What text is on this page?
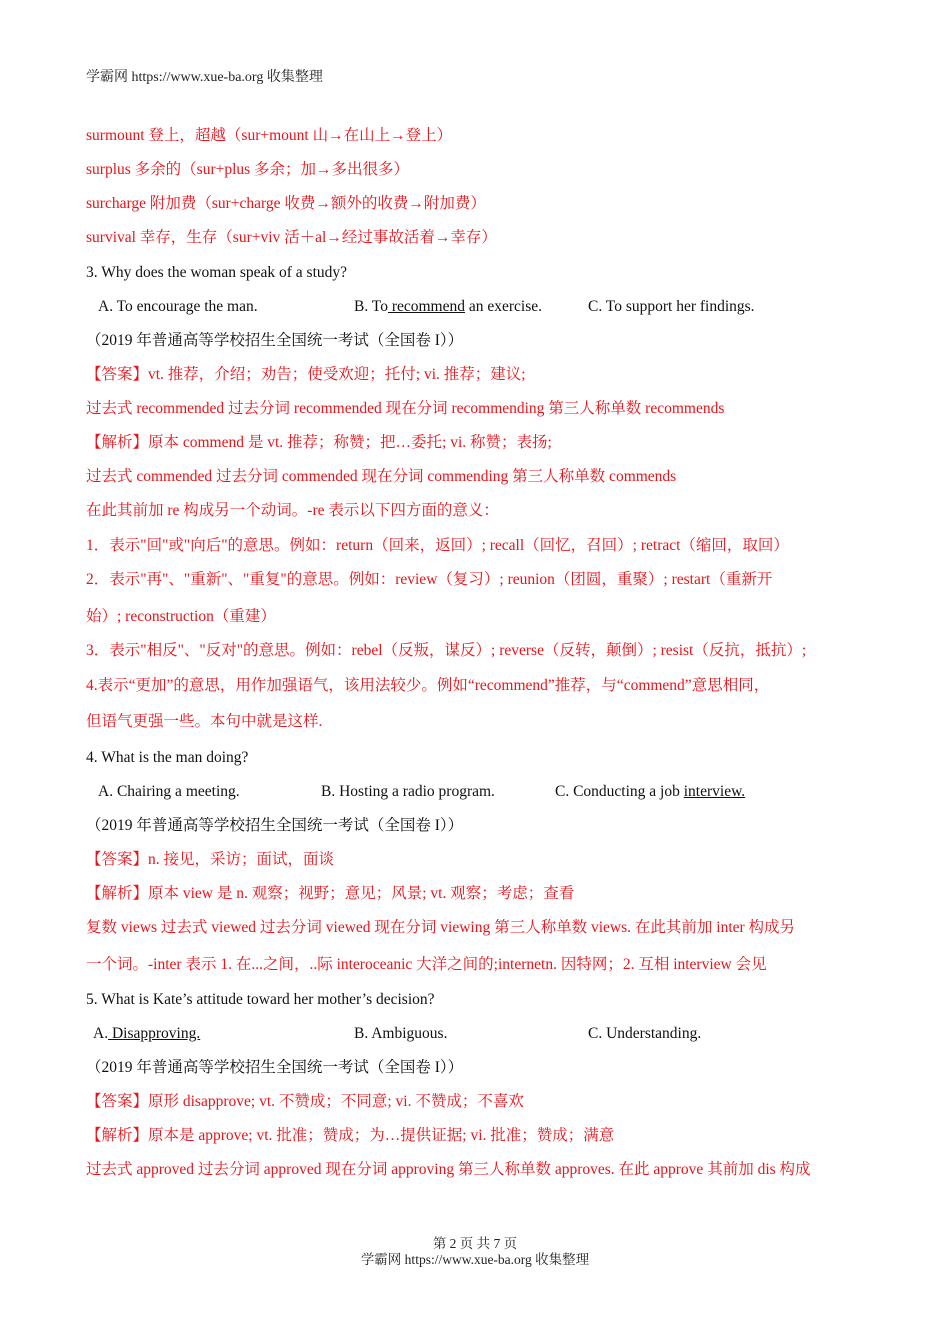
学霸网 https://www.xue-ba.org 收集整理
surmount 登上，超越（sur+mount 山→在山上→登上）
surplus 多余的（sur+plus 多余；加→多出很多）
surcharge 附加费（sur+charge 收费→额外的收费→附加费）
survival 幸存，生存（sur+viv 活＋al→经过事故活着→幸存）
3. Why does the woman speak of a study?
A. To encourage the man.	B. To recommend an exercise.	C. To support her findings.
（2019 年普通高等学校招生全国统一考试（全国卷 I））
【答案】vt. 推荐，介绍；劝告；使受欢迎；托付; vi. 推荐；建议;
过去式 recommended 过去分词 recommended 现在分词 recommending 第三人称单数 recommends
【解析】原本 commend 是 vt. 推荐；称赞；把…委托; vi. 称赞；表扬;
过去式 commended 过去分词 commended 现在分词 commending 第三人称单数 commends
在此其前加 re 构成另一个动词。-re 表示以下四方面的意义：
1．表示"回"或"向后"的意思。例如：return（回来，返回）; recall（回忆，召回）; retract（缩回，取回）
2．表示"再"、"重新"、"重复"的意思。例如：review（复习）; reunion（团圆，重聚）; restart（重新开
始）; reconstruction（重建）
3．表示"相反"、"反对"的意思。例如：rebel（反叛，谋反）; reverse（反转，颠倒）; resist（反抗，抵抗）;
4.表示“更加”的意思，用作加强语气，该用法较少。例如“recommend”推荐，与“commend”意思相同，
但语气更强一些。本句中就是这样.
4. What is the man doing?
A. Chairing a meeting.	B. Hosting a radio program.	C. Conducting a job interview.
（2019 年普通高等学校招生全国统一考试（全国卷 I））
【答案】n. 接见，采访；面试，面谈
【解析】原本 view 是 n. 观察；视野；意见；风景; vt. 观察；考虑；查看
复数 views 过去式 viewed 过去分词 viewed 现在分词 viewing 第三人称单数 views. 在此其前加 inter 构成另
一个词。-inter 表示 1. 在...之间，..际 interoceanic 大洋之间的;internetn. 因特网；2. 互相 interview 会见
5. What is Kate’s attitude toward her mother’s decision?
A. Disapproving.	B. Ambiguous.	C. Understanding.
（2019 年普通高等学校招生全国统一考试（全国卷 I））
【答案】原形 disapprove; vt. 不赞成；不同意; vi. 不赞成；不喜欢
【解析】原本是 approve; vt. 批准；赞成；为…提供证据; vi. 批准；赞成；满意
过去式 approved 过去分词 approved 现在分词 approving 第三人称单数 approves. 在此 approve 其前加 dis 构成
第 2 页 共 7 页
学霸网 https://www.xue-ba.org 收集整理
